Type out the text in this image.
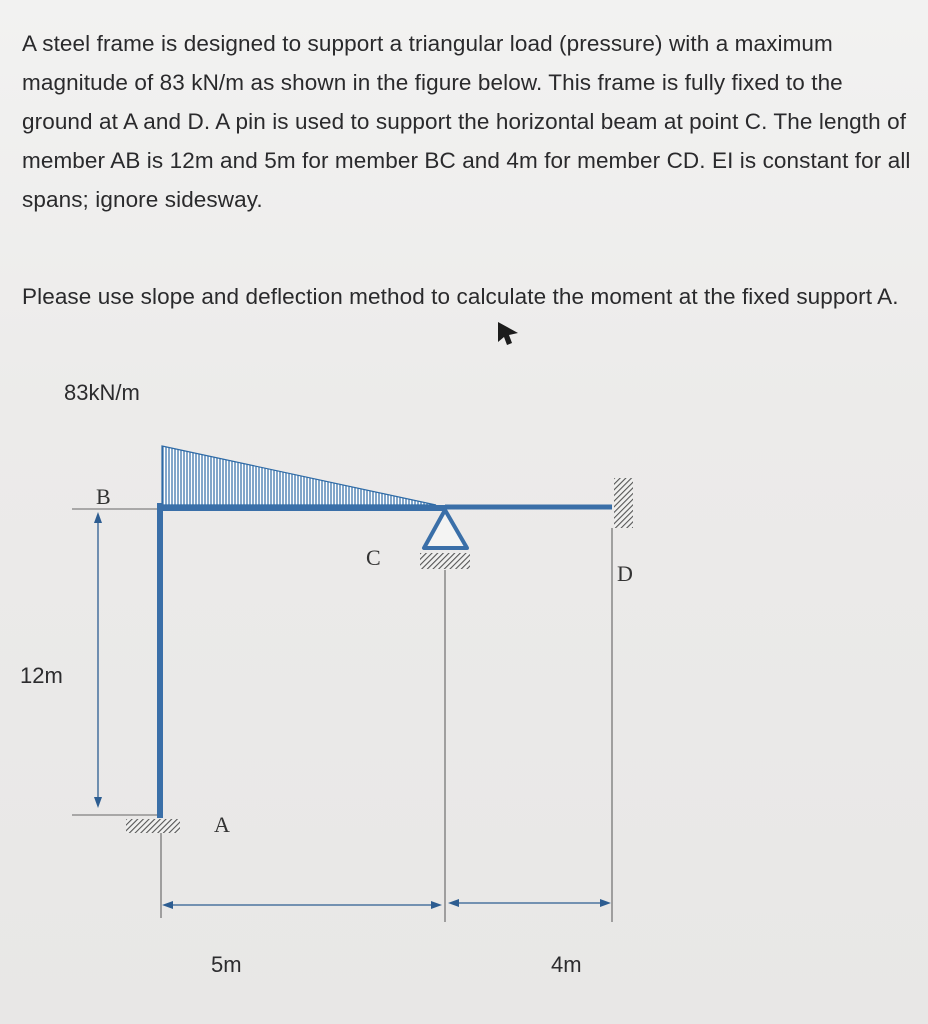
A steel frame is designed to support a triangular load (pressure) with a maximum magnitude of 83 kN/m as shown in the figure below. This frame is fully fixed to the ground at A and D. A pin is used to support the horizontal beam at point C. The length of member AB is 12m and 5m for member BC and 4m for member CD. EI is constant for all spans; ignore sidesway.

Please use slope and deflection method to calculate the moment at the fixed support A.

83kN/m
B
C
D
A
12m
5m	4m
